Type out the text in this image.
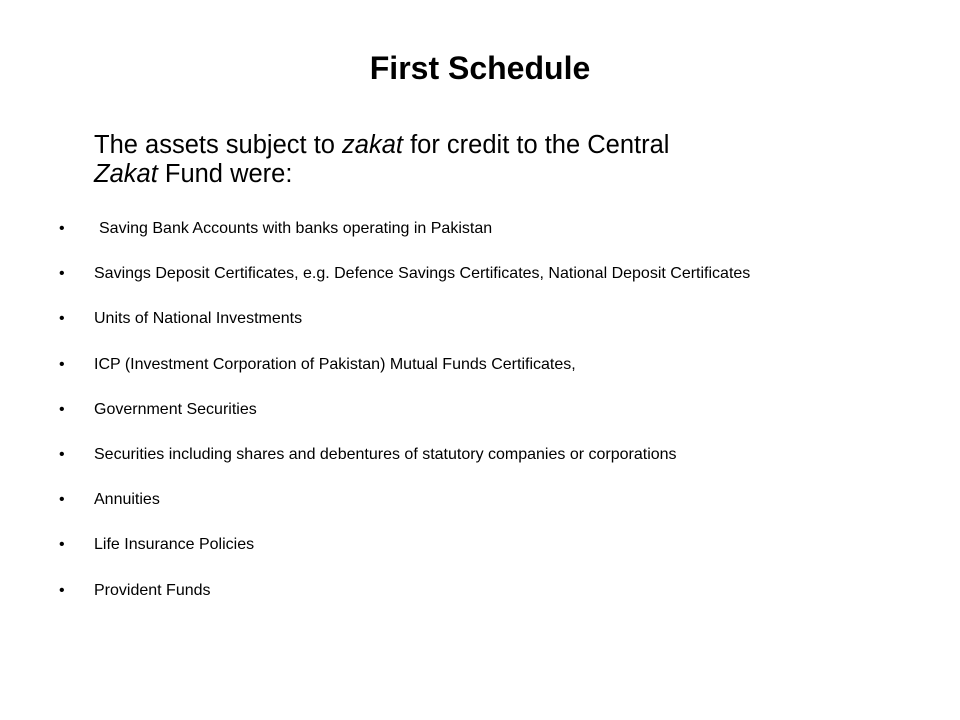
First Schedule

The assets subject to zakat for credit to the Central
Zakat Fund were:

• Saving Bank Accounts with banks operating in Pakistan
• Savings Deposit Certificates, e.g. Defence Savings Certificates, National Deposit Certificates
• Units of National Investments
• ICP (Investment Corporation of Pakistan) Mutual Funds Certificates,
• Government Securities
• Securities including shares and debentures of statutory companies or corporations
• Annuities
• Life Insurance Policies
• Provident Funds
